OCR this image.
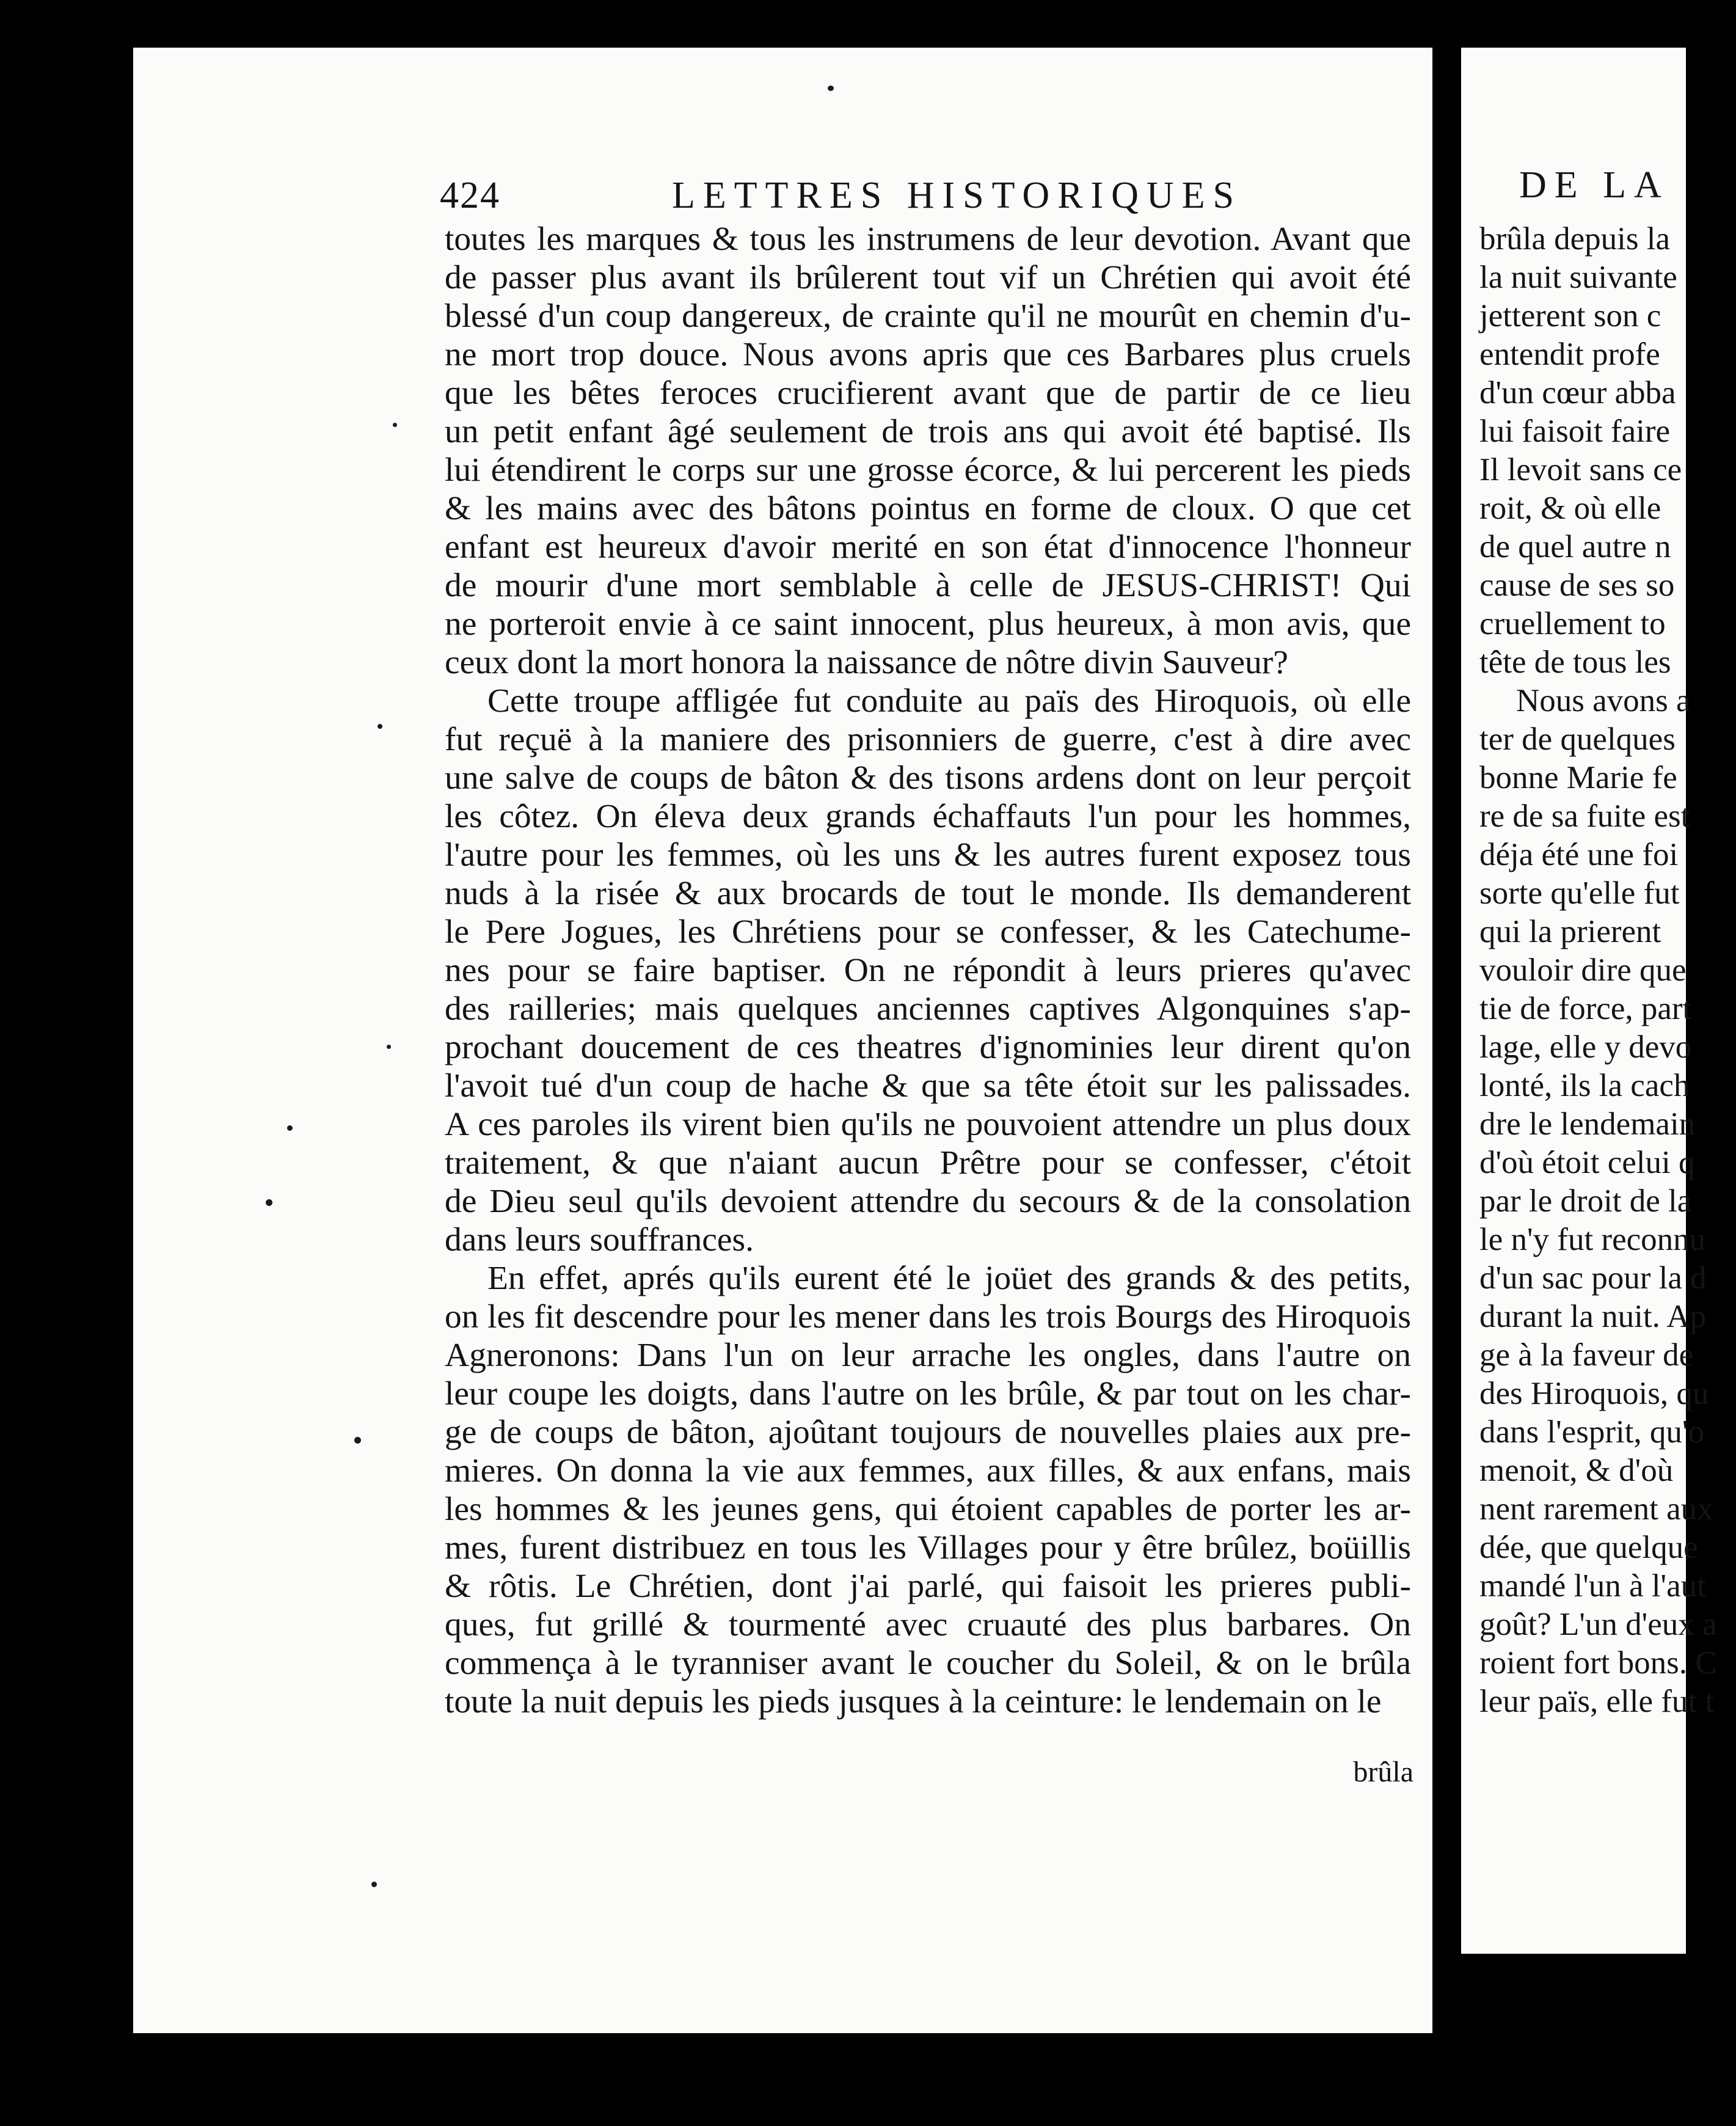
DE LA
brûla depuis la
la nuit suivante
jetterent son c
entendit profe
d'un cœur abba
lui faisoit faire
Il levoit sans ce
roit, & où elle
de quel autre n
cause de ses so
cruellement to
tête de tous les
Nous avons a
ter de quelques
bonne Marie fe
re de sa fuite est
déja été une foi
sorte qu'elle fut
qui la prierent
vouloir dire que
tie de force, part
lage, elle y devo
lonté, ils la cach
dre le lendemain
d'où étoit celui q
par le droit de la
le n'y fut reconnu
d'un sac pour la d
durant la nuit. Ap
ge à la faveur de
des Hiroquois, qu
dans l'esprit, qu'o
menoit, & d'où
nent rarement aux
dée, que quelque
mandé l'un à l'aut
goût? L'un d'eux a
roient fort bons. C
leur païs, elle fut t
424	LETTRES HISTORIQUES
toutes les marques & tous les instrumens de leur devotion. Avant que
de passer plus avant ils brûlerent tout vif un Chrétien qui avoit été
blessé d'un coup dangereux, de crainte qu'il ne mourût en chemin d'u-
ne mort trop douce. Nous avons apris que ces Barbares plus cruels
que les bêtes feroces crucifierent avant que de partir de ce lieu
un petit enfant âgé seulement de trois ans qui avoit été baptisé. Ils
lui étendirent le corps sur une grosse écorce, & lui percerent les pieds
& les mains avec des bâtons pointus en forme de cloux. O que cet
enfant est heureux d'avoir merité en son état d'innocence l'honneur
de mourir d'une mort semblable à celle de JESUS-CHRIST! Qui
ne porteroit envie à ce saint innocent, plus heureux, à mon avis, que
ceux dont la mort honora la naissance de nôtre divin Sauveur?
Cette troupe affligée fut conduite au païs des Hiroquois, où elle
fut reçuë à la maniere des prisonniers de guerre, c'est à dire avec
une salve de coups de bâton & des tisons ardens dont on leur perçoit
les côtez. On éleva deux grands échaffauts l'un pour les hommes,
l'autre pour les femmes, où les uns & les autres furent exposez tous
nuds à la risée & aux brocards de tout le monde. Ils demanderent
le Pere Jogues, les Chrétiens pour se confesser, & les Catechume-
nes pour se faire baptiser. On ne répondit à leurs prieres qu'avec
des railleries; mais quelques anciennes captives Algonquines s'ap-
prochant doucement de ces theatres d'ignominies leur dirent qu'on
l'avoit tué d'un coup de hache & que sa tête étoit sur les palissades.
A ces paroles ils virent bien qu'ils ne pouvoient attendre un plus doux
traitement, & que n'aiant aucun Prêtre pour se confesser, c'étoit
de Dieu seul qu'ils devoient attendre du secours & de la consolation
dans leurs souffrances.
En effet, aprés qu'ils eurent été le joüet des grands & des petits,
on les fit descendre pour les mener dans les trois Bourgs des Hiroquois
Agneronons: Dans l'un on leur arrache les ongles, dans l'autre on
leur coupe les doigts, dans l'autre on les brûle, & par tout on les char-
ge de coups de bâton, ajoûtant toujours de nouvelles plaies aux pre-
mieres. On donna la vie aux femmes, aux filles, & aux enfans, mais
les hommes & les jeunes gens, qui étoient capables de porter les ar-
mes, furent distribuez en tous les Villages pour y être brûlez, boüillis
& rôtis. Le Chrétien, dont j'ai parlé, qui faisoit les prieres publi-
ques, fut grillé & tourmenté avec cruauté des plus barbares. On
commença à le tyranniser avant le coucher du Soleil, & on le brûla
toute la nuit depuis les pieds jusques à la ceinture: le lendemain on le
brûla
